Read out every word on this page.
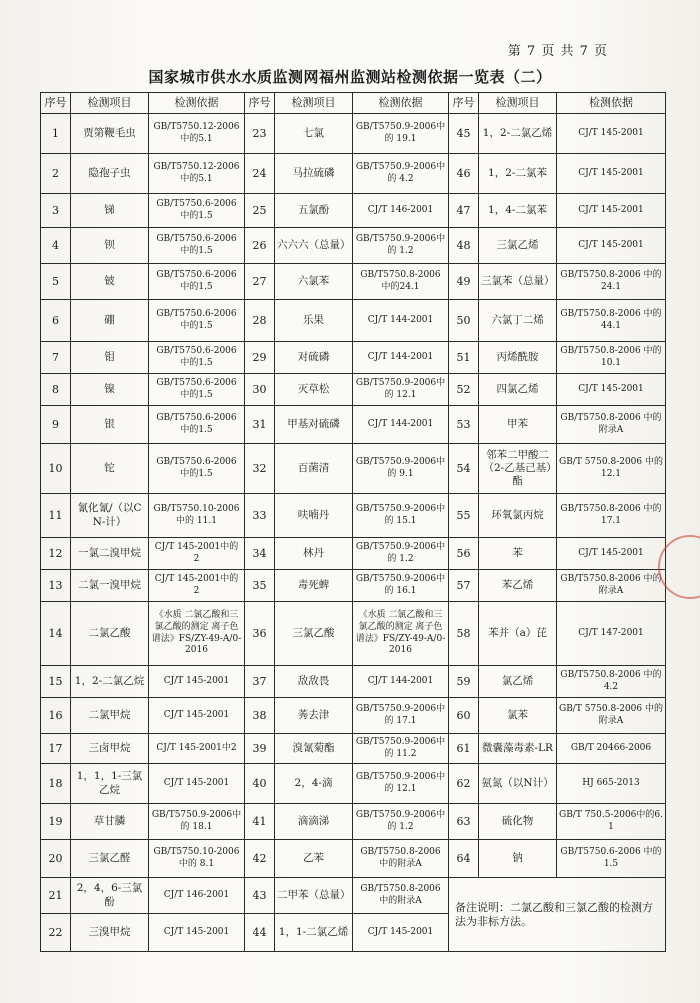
第 7 页 共 7 页
国家城市供水水质监测网福州监测站检测依据一览表（二）
序号	检测项目	检测依据	序号	检测项目	检测依据	序号	检测项目	检测依据
1	贾第鞭毛虫	GB/T5750.12-2006 中的5.1	23	七氯	GB/T5750.9-2006中的 19.1	45	1，2-二氯乙烯	CJ/T 145-2001
2	隐孢子虫	GB/T5750.12-2006 中的5.1	24	马拉硫磷	GB/T5750.9-2006中的 4.2	46	1，2-二氯苯	CJ/T 145-2001
3	锑	GB/T5750.6-2006 中的1.5	25	五氯酚	CJ/T 146-2001	47	1，4-二氯苯	CJ/T 145-2001
4	钡	GB/T5750.6-2006 中的1.5	26	六六六（总量）	GB/T5750.9-2006中的 1.2	48	三氯乙烯	CJ/T 145-2001
5	铍	GB/T5750.6-2006 中的1.5	27	六氯苯	GB/T5750.8-2006 中的24.1	49	三氯苯（总量）	GB/T5750.8-2006 中的24.1
6	硼	GB/T5750.6-2006 中的1.5	28	乐果	CJ/T 144-2001	50	六氯丁二烯	GB/T5750.8-2006 中的44.1
7	钼	GB/T5750.6-2006 中的1.5	29	对硫磷	CJ/T 144-2001	51	丙烯酰胺	GB/T5750.8-2006 中的10.1
8	镍	GB/T5750.6-2006 中的1.5	30	灭草松	GB/T5750.9-2006中的 12.1	52	四氯乙烯	CJ/T 145-2001
9	银	GB/T5750.6-2006 中的1.5	31	甲基对硫磷	CJ/T 144-2001	53	甲苯	GB/T5750.8-2006 中的附录A
10	铊	GB/T5750.6-2006 中的1.5	32	百菌清	GB/T5750.9-2006中的 9.1	54	邻苯二甲酸二（2-乙基己基）酯	GB/T 5750.8-2006 中的12.1
11	氰化氰/（以CN-计）	GB/T5750.10-2006 中的 11.1	33	呋喃丹	GB/T5750.9-2006中的 15.1	55	环氧氯丙烷	GB/T5750.8-2006 中的17.1
12	一氯二溴甲烷	CJ/T 145-2001中的 2	34	林丹	GB/T5750.9-2006中的 1.2	56	苯	CJ/T 145-2001
13	二氯一溴甲烷	CJ/T 145-2001中的 2	35	毒死蜱	GB/T5750.9-2006中的 16.1	57	苯乙烯	GB/T5750.8-2006 中的附录A
14	二氯乙酸	《水质 二氯乙酸和三氯乙酸的测定 离子色谱法》FS/ZY-49-A/0-2016	36	三氯乙酸	《水质 二氯乙酸和三氯乙酸的测定 离子色谱法》FS/ZY-49-A/0-2016	58	苯并（a）芘	CJ/T 147-2001
15	1，2-二氯乙烷	CJ/T 145-2001	37	敌敌畏	CJ/T 144-2001	59	氯乙烯	GB/T5750.8-2006 中的4.2
16	二氯甲烷	CJ/T 145-2001	38	莠去津	GB/T5750.9-2006中的 17.1	60	氯苯	GB/T 5750.8-2006 中的附录A
17	三卤甲烷	CJ/T 145-2001中2	39	溴氰菊酯	GB/T5750.9-2006中的 11.2	61	微囊藻毒素-LR	GB/T 20466-2006
18	1，1，1-三氯乙烷	CJ/T 145-2001	40	2，4-滴	GB/T5750.9-2006中的 12.1	62	氨氮（以N计）	HJ 665-2013
19	草甘膦	GB/T5750.9-2006中的 18.1	41	滴滴涕	GB/T5750.9-2006中的 1.2	63	硫化物	GB/T 750.5-2006中的6.1
20	三氯乙醛	GB/T5750.10-2006 中的 8.1	42	乙苯	GB/T5750.8-2006 中的附录A	64	钠	GB/T5750.6-2006 中的1.5
21	2，4，6-三氯酚	CJ/T 146-2001	43	二甲苯（总量）	GB/T5750.8-2006 中的附录A	备注说明：二氯乙酸和三氯乙酸的检测方法为非标方法。		
22	三溴甲烷	CJ/T 145-2001	44	1，1-二氯乙烯	CJ/T 145-2001			
